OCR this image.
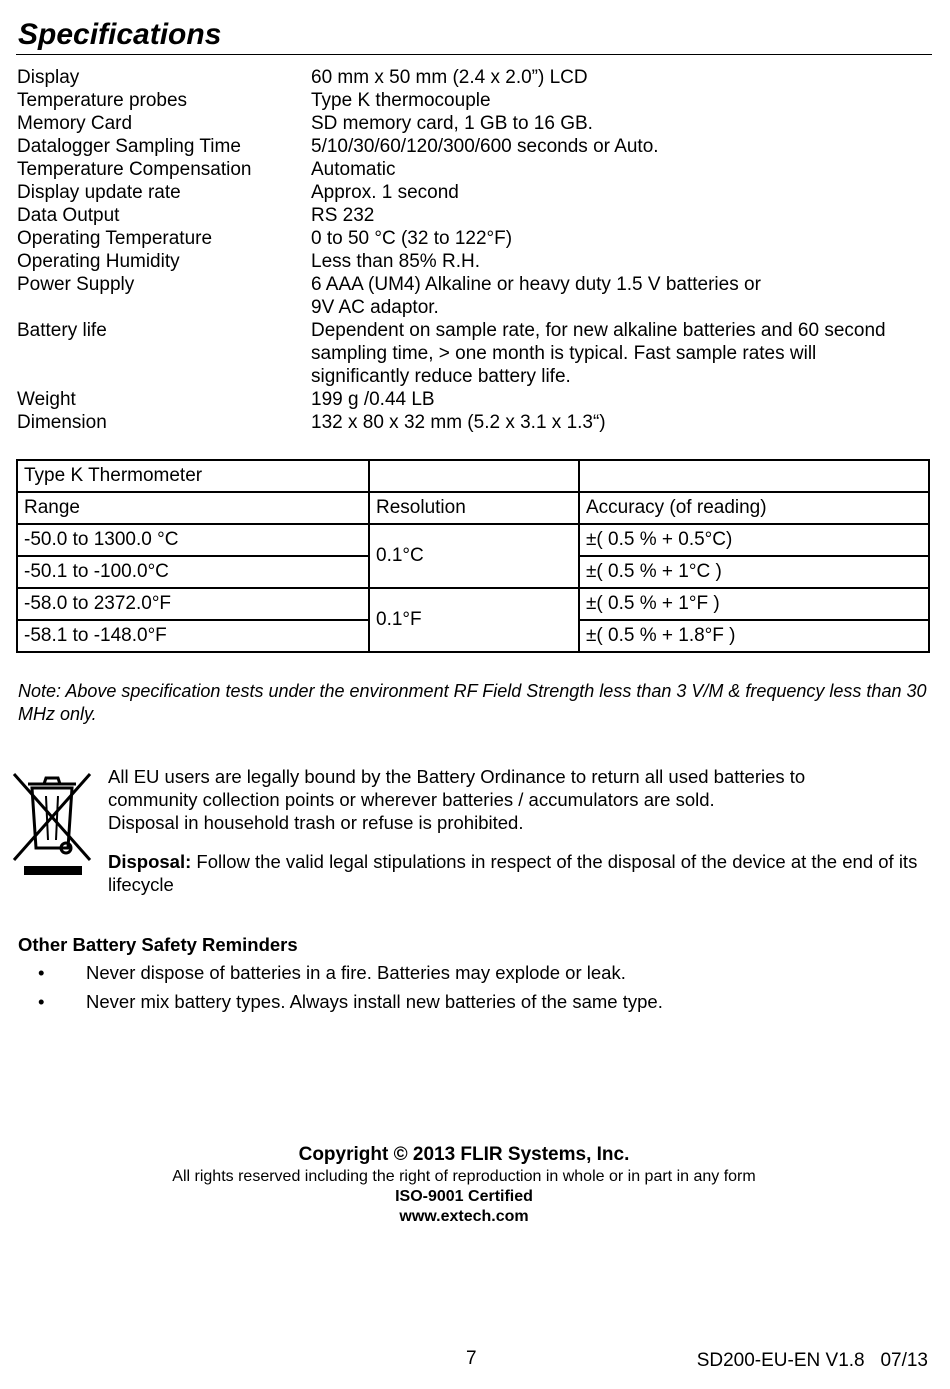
Specifications
Display	60 mm x 50 mm (2.4 x 2.0”) LCD
Temperature probes	Type K thermocouple
Memory Card	SD memory card, 1 GB to 16 GB.
Datalogger Sampling Time	5/10/30/60/120/300/600 seconds or Auto.
Temperature Compensation	Automatic
Display update rate	Approx. 1 second
Data Output	RS 232
Operating Temperature	0 to 50 °C (32 to 122°F)
Operating Humidity	Less than 85% R.H.
Power Supply	6 AAA (UM4) Alkaline or heavy duty 1.5 V batteries or
9V AC adaptor.
Battery life	Dependent on sample rate, for new alkaline batteries and 60 second
sampling time, > one month is typical. Fast sample rates will
significantly reduce battery life.
Weight	199 g /0.44 LB
Dimension	132 x 80 x 32 mm (5.2 x 3.1 x 1.3“)
Type K Thermometer		
Range	Resolution	Accuracy (of reading)
-50.0 to 1300.0 °C	0.1°C	±( 0.5 % + 0.5°C)
-50.1 to -100.0°C		±( 0.5 % + 1°C )
-58.0 to 2372.0°F	0.1°F	±( 0.5 % + 1°F )
-58.1 to -148.0°F		±( 0.5 % + 1.8°F )
Note: Above specification tests under the environment RF Field Strength less than 3 V/M & frequency less than 30 MHz only.
All EU users are legally bound by the Battery Ordinance to return all used batteries to
community collection points or wherever batteries / accumulators are sold.
Disposal in household trash or refuse is prohibited.
Disposal: Follow the valid legal stipulations in respect of the disposal of the device at the end of its lifecycle
Other Battery Safety Reminders
•	Never dispose of batteries in a fire. Batteries may explode or leak.
•	Never mix battery types. Always install new batteries of the same type.
Copyright © 2013 FLIR Systems, Inc.
All rights reserved including the right of reproduction in whole or in part in any form
ISO-9001 Certified
www.extech.com
7	SD200-EU-EN V1.8   07/13
